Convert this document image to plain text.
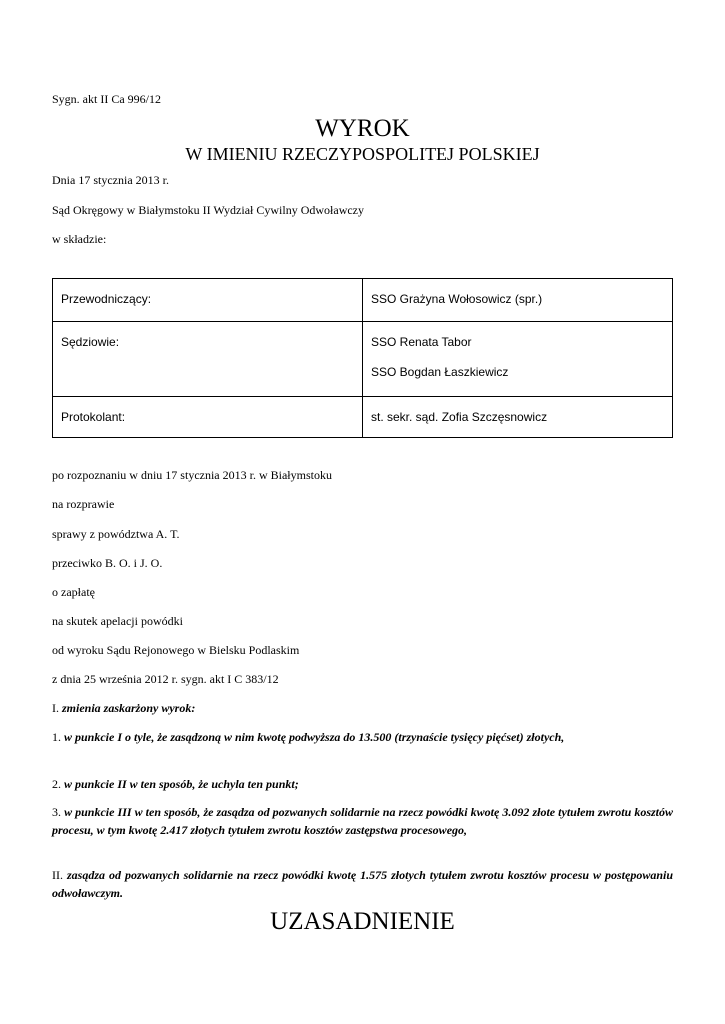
Sygn. akt II Ca 996/12
WYROK
W IMIENIU RZECZYPOSPOLITEJ POLSKIEJ
Dnia 17 stycznia 2013 r.
Sąd Okręgowy w Białymstoku II Wydział Cywilny Odwoławczy
w składzie:
Przewodniczący:	SSO Grażyna Wołosowicz (spr.)
Sędziowie:	SSO Renata Tabor
SSO Bogdan Łaszkiewicz

Protokolant:	st. sekr. sąd. Zofia Szczęsnowicz
po rozpoznaniu w dniu 17 stycznia 2013 r. w Białymstoku
na rozprawie
sprawy z powództwa A. T.
przeciwko B. O. i J. O.
o zapłatę
na skutek apelacji powódki
od wyroku Sądu Rejonowego w Bielsku Podlaskim
z dnia 25 września 2012 r. sygn. akt I C 383/12
I. zmienia zaskarżony wyrok:
1. w punkcie I o tyle, że zasądzoną w nim kwotę podwyższa do 13.500 (trzynaście tysięcy pięćset) złotych,
2. w punkcie II w ten sposób, że uchyla ten punkt;
3. w punkcie III w ten sposób, że zasądza od pozwanych solidarnie na rzecz powódki kwotę 3.092 złote tytułem zwrotu kosztów procesu, w tym kwotę 2.417 złotych tytułem zwrotu kosztów zastępstwa procesowego,
II. zasądza od pozwanych solidarnie na rzecz powódki kwotę 1.575 złotych tytułem zwrotu kosztów procesu w postępowaniu odwoławczym.
UZASADNIENIE
